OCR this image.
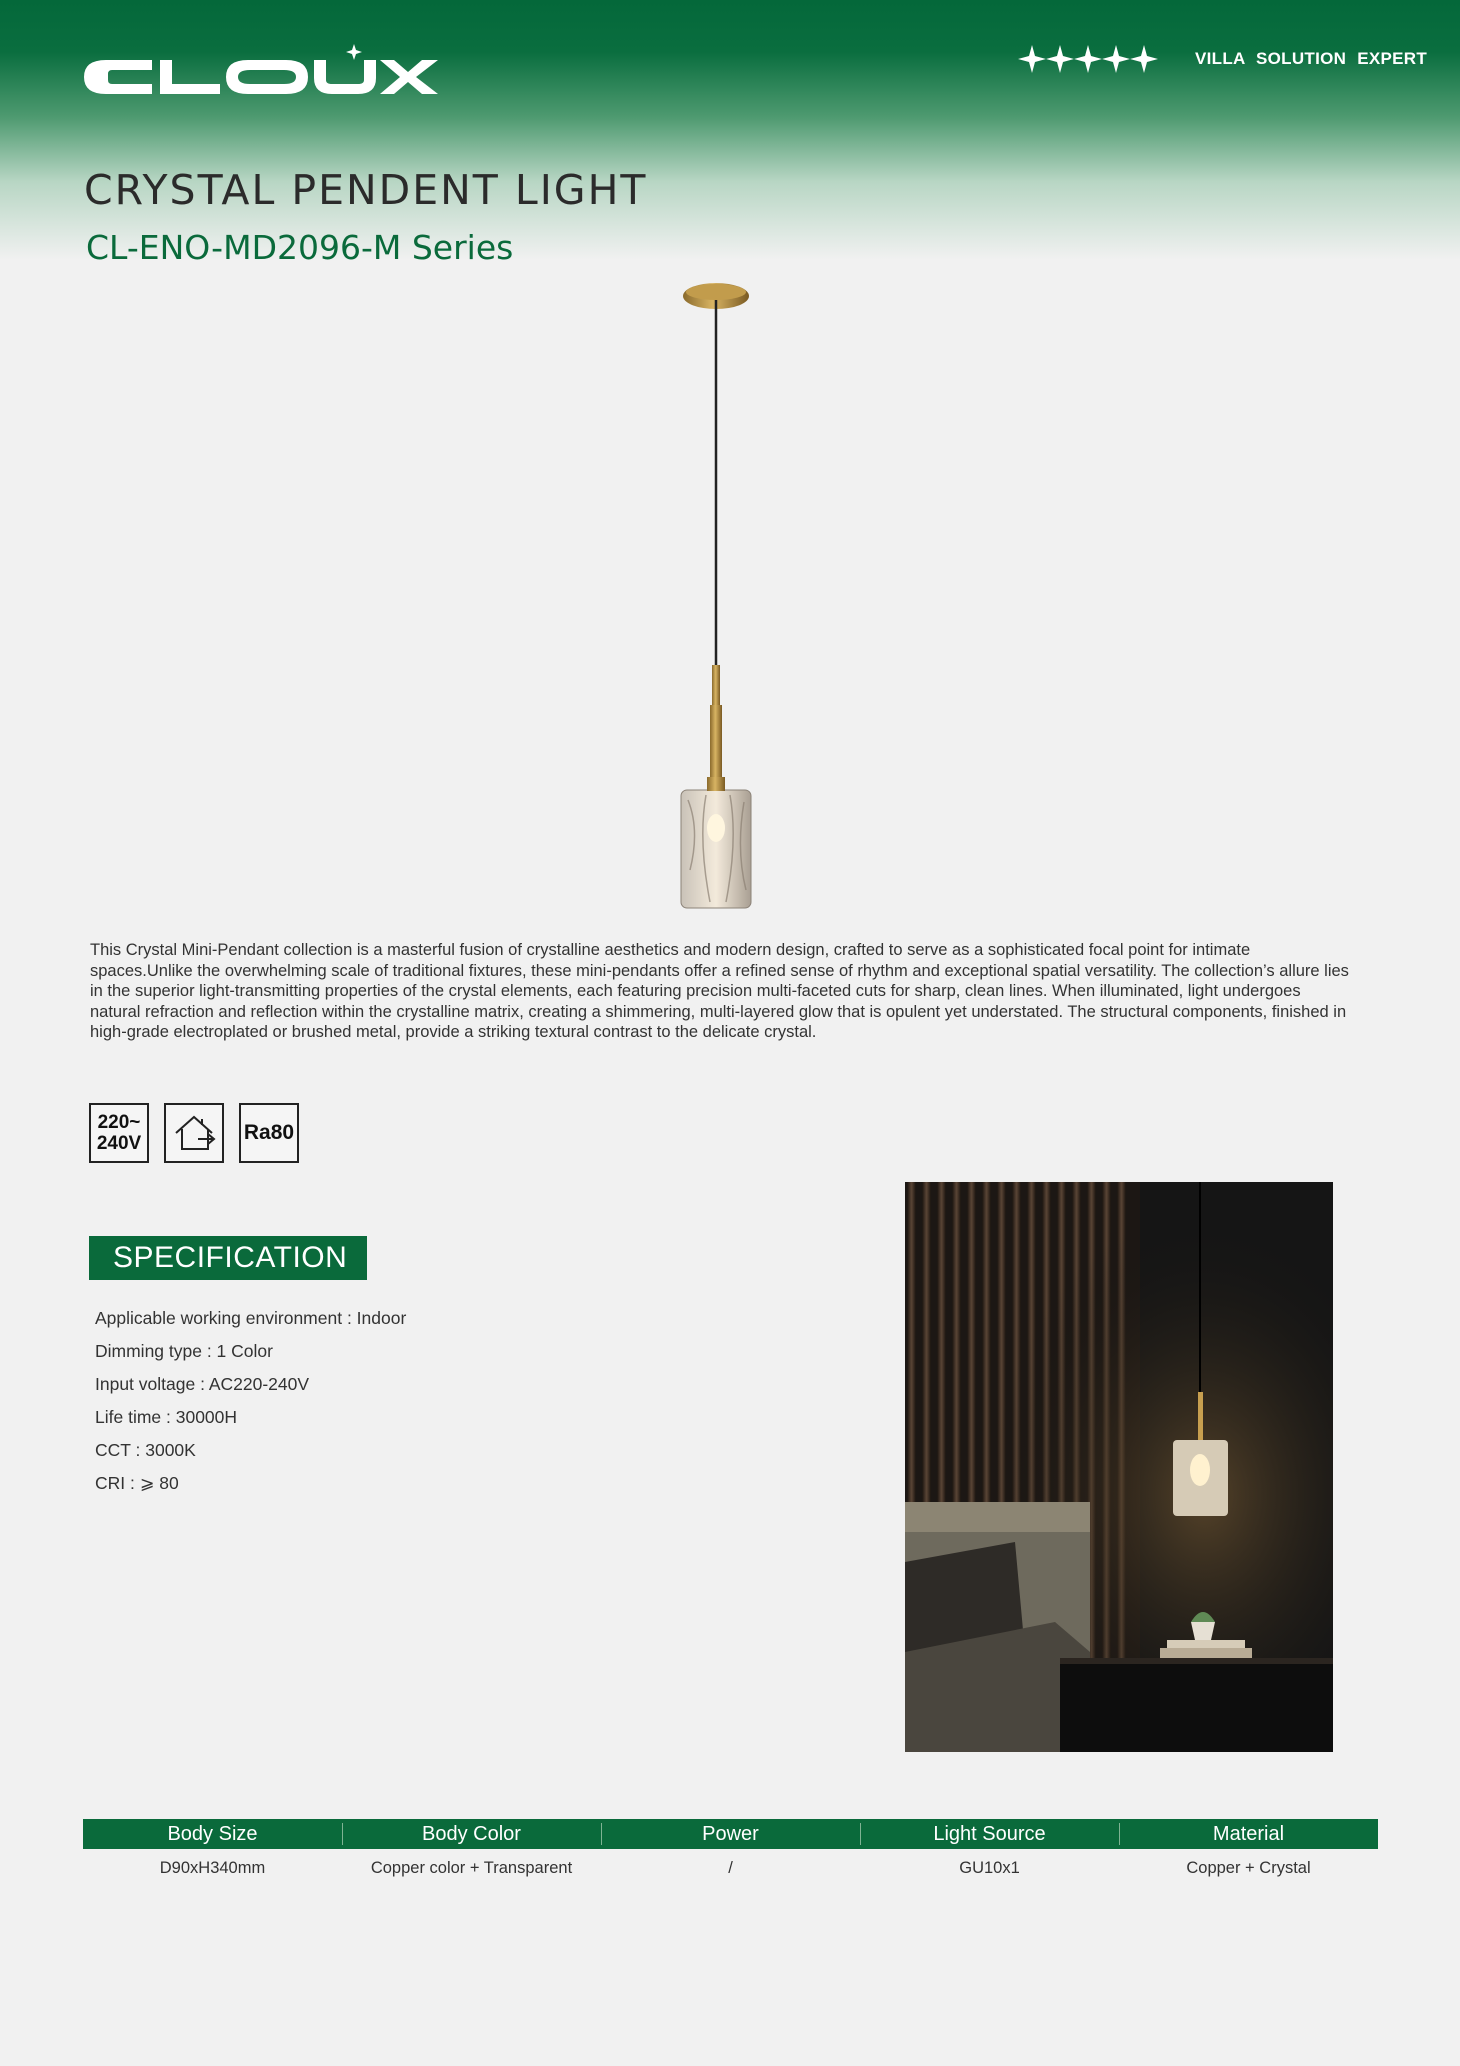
VILLA SOLUTION EXPERT
CRYSTAL PENDENT LIGHT
CL-ENO-MD2096-M Series
This Crystal Mini-Pendant collection is a masterful fusion of crystalline aesthetics and modern design, crafted to serve as a sophisticated focal point for intimate spaces.Unlike the overwhelming scale of traditional fixtures, these mini-pendants offer a refined sense of rhythm and exceptional spatial versatility. The collection’s allure lies in the superior light-transmitting properties of the crystal elements, each featuring precision multi-faceted cuts for sharp, clean lines. When illuminated, light undergoes natural refraction and reflection within the crystalline matrix, creating a shimmering, multi-layered glow that is opulent yet understated. The structural components, finished in high-grade electroplated or brushed metal, provide a striking textural contrast to the delicate crystal.
220~
240V	Ra80
SPECIFICATION
Applicable working environment : Indoor
Dimming type : 1 Color
Input voltage : AC220-240V
Life time : 30000H
CCT : 3000K
CRI : ⩾ 80
Body Size	Body Color	Power	Light Source	Material
D90xH340mm	Copper color + Transparent	/	GU10x1	Copper + Crystal
